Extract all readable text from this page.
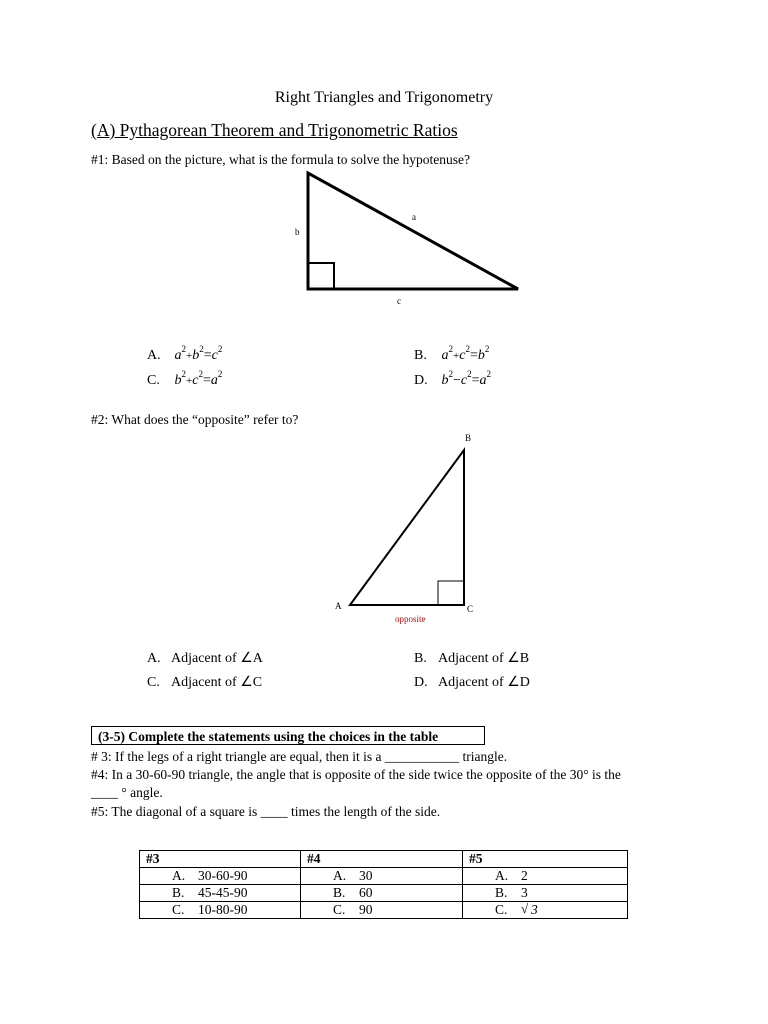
Right Triangles and Trigonometry
(A) Pythagorean Theorem and Trigonometric Ratios
#1: Based on the picture, what is the formula to solve the hypotenuse?
a
b
c
A. $a^2+b^2=c^2$	B. $a^2+c^2=b^2$
C. $b^2+c^2=a^2$	D. $b^2-c^2=a^2$
#2: What does the “opposite” refer to?
B
A	C
opposite
A. Adjacent of ∠A	B. Adjacent of ∠B
C. Adjacent of ∠C	D. Adjacent of ∠D
(3-5) Complete the statements using the choices in the table
# 3: If the legs of a right triangle are equal, then it is a ___________ triangle.
#4: In a 30-60-90 triangle, the angle that is opposite of the side twice the opposite of the 30° is the
____ ° angle.
#5: The diagonal of a square is ____ times the length of the side.
#3	#4	#5
A. 30-60-90	A. 30	A. 2
B. 45-45-90	B. 60	B. 3
C. 10-80-90	C. 90	C. √ 3
